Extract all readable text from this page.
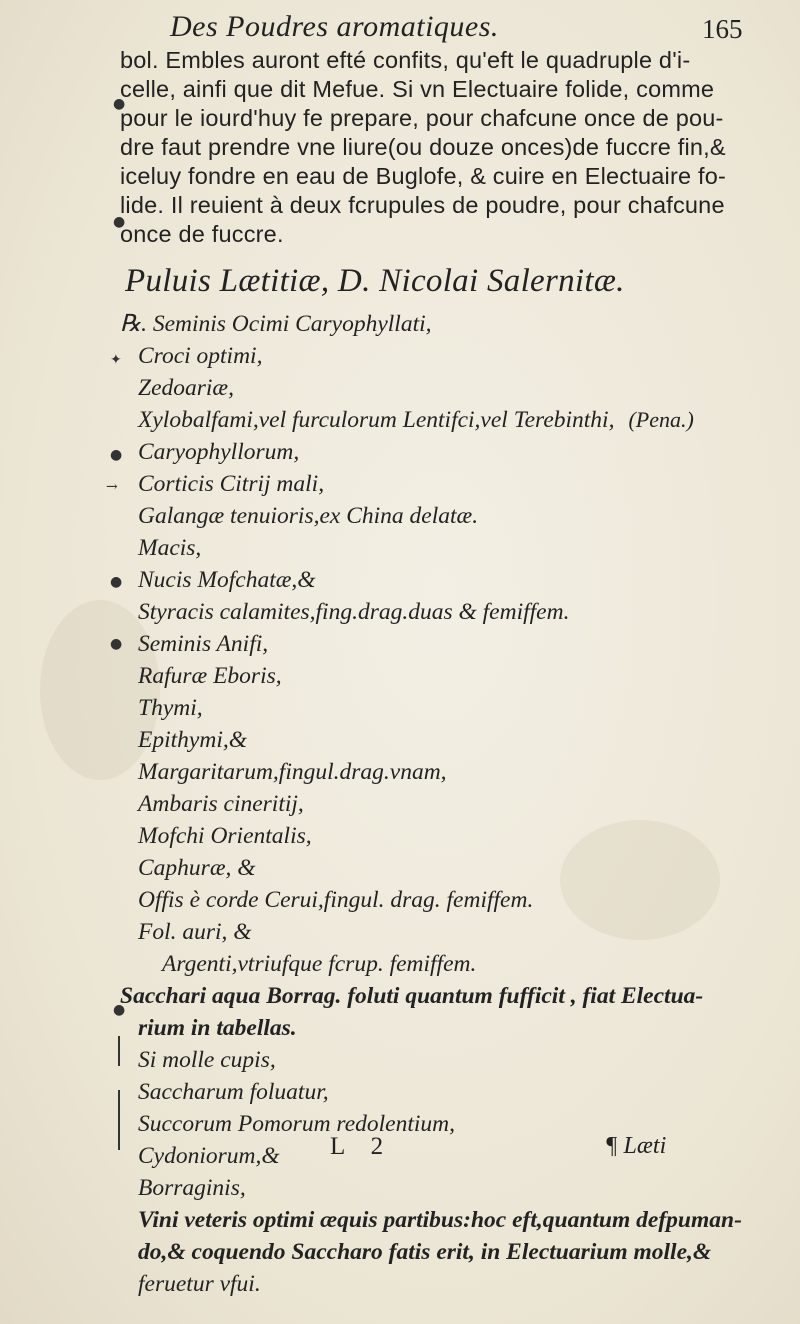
Des Poudres aromatiques.	165
bol. Embles auront efté confits, qu'eft le quadruple d'i-
celle, ainfi que dit Mefue. Si vn Electuaire folide, comme
pour le iourd'huy fe prepare, pour chafcune once de pou-
dre faut prendre vne liure(ou douze onces)de fuccre fin,&
iceluy fondre en eau de Buglofe, & cuire en Electuaire fo-
lide. Il reuient à deux fcrupules de poudre, pour chafcune
once de fuccre.
Puluis Lætitiæ, D. Nicolai Salernitæ.
℞. Seminis Ocimi Caryophyllati,
Croci optimi,
Zedoariæ,
Xylobalfami,vel furculorum Lentifci,vel Terebinthi, (Pena.)
Caryophyllorum,
Corticis Citrij mali,
Galangæ tenuioris,ex China delatæ.
Macis,
Nucis Mofchatæ,&
Styracis calamites,fing.drag.duas & femiffem.
Seminis Anifi,
Rafuræ Eboris,
Thymi,
Epithymi,&
Margaritarum,fingul.drag.vnam,
Ambaris cineritij,
Mofchi Orientalis,
Caphuræ, &
Offis è corde Cerui,fingul. drag. femiffem.
Fol. auri, &
Argenti,vtriufque fcrup. femiffem.
Sacchari aqua Borrag. foluti quantum fufficit , fiat Electua-
rium in tabellas.
Si molle cupis,
Saccharum foluatur,
Succorum Pomorum redolentium,
Cydoniorum,&
Borraginis,
Vini veteris optimi æquis partibus:hoc eft,quantum defpuman-
do,& coquendo Saccharo fatis erit, in Electuarium molle,&
feruetur vfui.
●
●
✦
●
→
●
●
●
L 2	¶ Læti
